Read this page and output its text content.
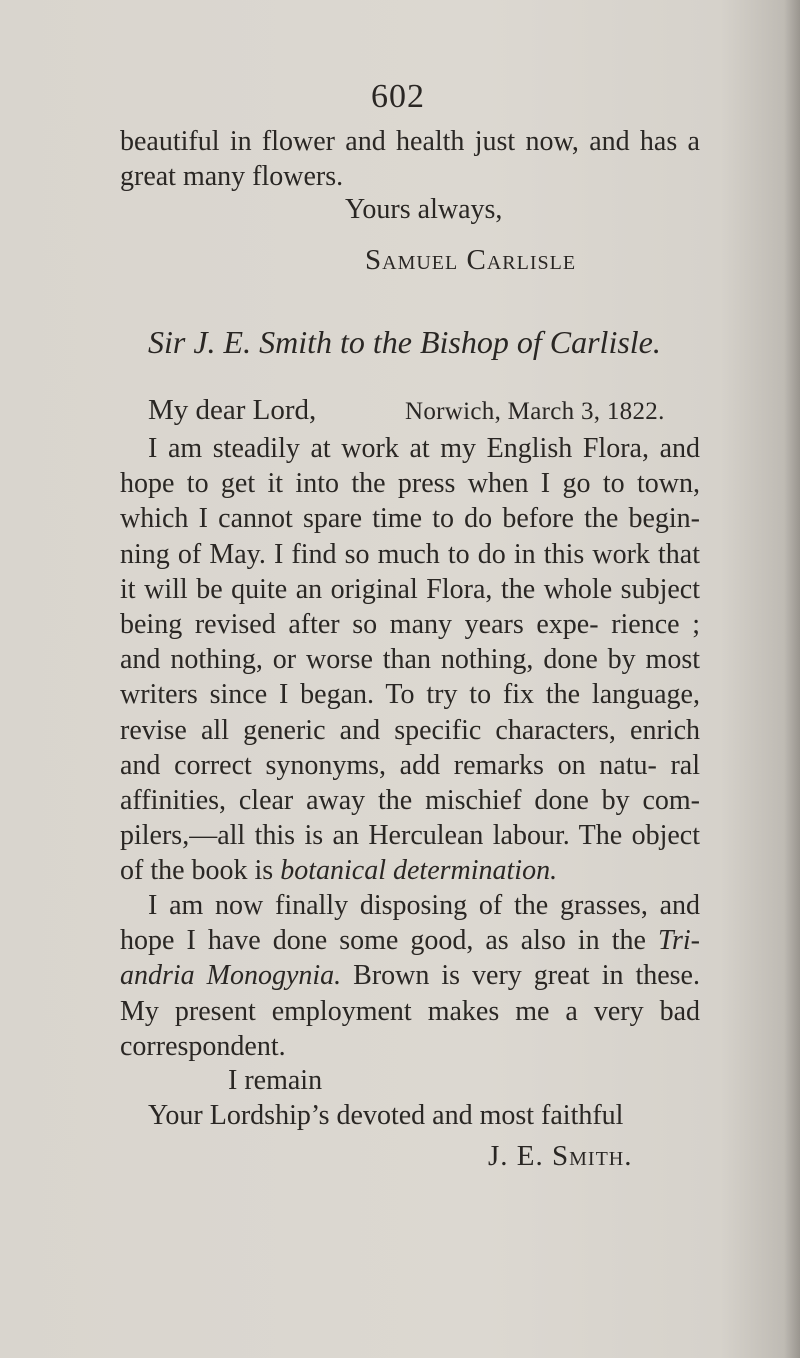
602

beautiful in flower and health just now, and has a great many flowers.

Yours always,
Samuel Carlisle
Sir J. E. Smith to the Bishop of Carlisle.
My dear Lord,	Norwich, March 3, 1822.

I am steadily at work at my English Flora, and hope to get it into the press when I go to town, which I cannot spare time to do before the begin- ning of May. I find so much to do in this work that it will be quite an original Flora, the whole subject being revised after so many years expe- rience ; and nothing, or worse than nothing, done by most writers since I began. To try to fix the language, revise all generic and specific characters, enrich and correct synonyms, add remarks on natu- ral affinities, clear away the mischief done by com- pilers,—all this is an Herculean labour. The object of the book is botanical determination.

I am now finally disposing of the grasses, and hope I have done some good, as also in the Tri- andria Monogynia. Brown is very great in these. My present employment makes me a very bad correspondent.

I remain
Your Lordship’s devoted and most faithful
J. E. Smith.
